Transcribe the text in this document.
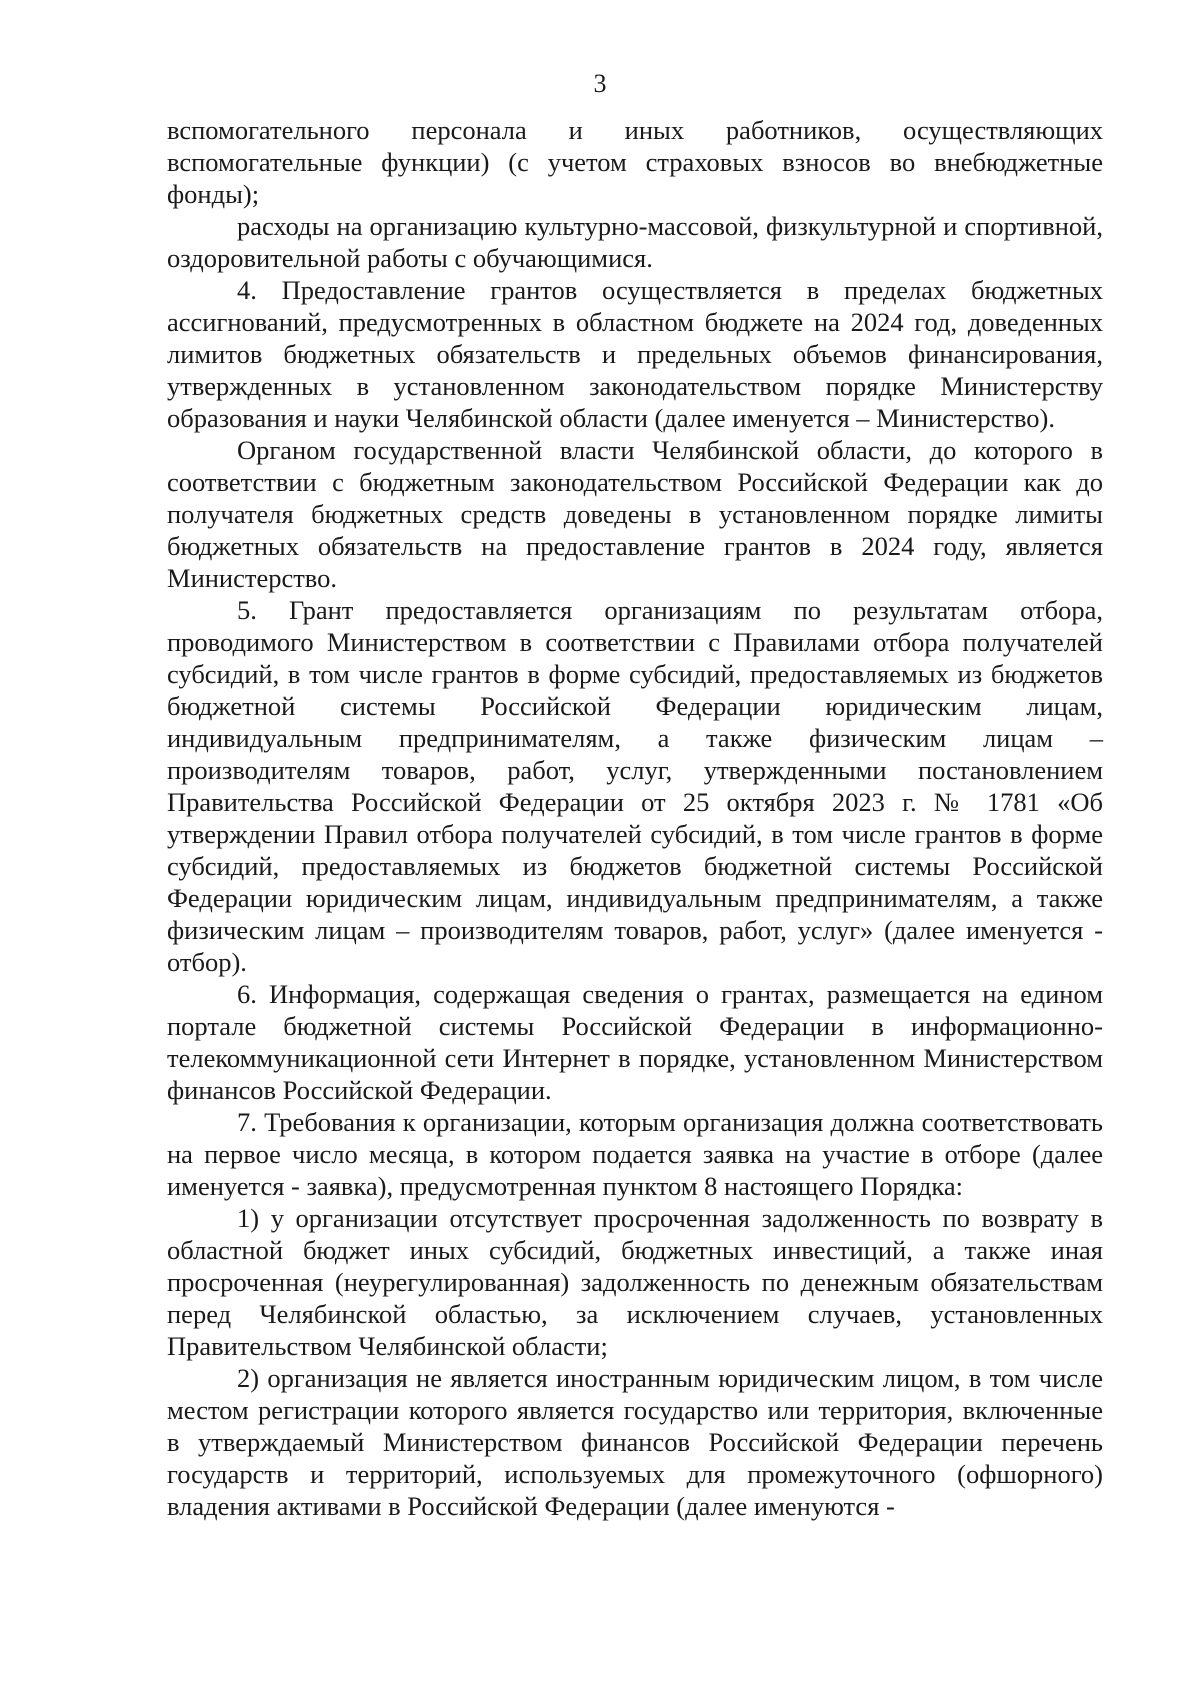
3

вспомогательного персонала и иных работников, осуществляющих вспомогательные функции) (с учетом страховых взносов во внебюджетные фонды);

расходы на организацию культурно-массовой, физкультурной и спортивной, оздоровительной работы с обучающимися.

4. Предоставление грантов осуществляется в пределах бюджетных ассигнований, предусмотренных в областном бюджете на 2024 год, доведенных лимитов бюджетных обязательств и предельных объемов финансирования, утвержденных в установленном законодательством порядке Министерству образования и науки Челябинской области (далее именуется – Министерство).

Органом государственной власти Челябинской области, до которого в соответствии с бюджетным законодательством Российской Федерации как до получателя бюджетных средств доведены в установленном порядке лимиты бюджетных обязательств на предоставление грантов в 2024 году, является Министерство.

5. Грант предоставляется организациям по результатам отбора, проводимого Министерством в соответствии с Правилами отбора получателей субсидий, в том числе грантов в форме субсидий, предоставляемых из бюджетов бюджетной системы Российской Федерации юридическим лицам, индивидуальным предпринимателям, а также физическим лицам – производителям товаров, работ, услуг, утвержденными постановлением Правительства Российской Федерации от 25 октября 2023 г. № 1781 «Об утверждении Правил отбора получателей субсидий, в том числе грантов в форме субсидий, предоставляемых из бюджетов бюджетной системы Российской Федерации юридическим лицам, индивидуальным предпринимателям, а также физическим лицам – производителям товаров, работ, услуг» (далее именуется - отбор).

6. Информация, содержащая сведения о грантах, размещается на едином портале бюджетной системы Российской Федерации в информационно-телекоммуникационной сети Интернет в порядке, установленном Министерством финансов Российской Федерации.

7. Требования к организации, которым организация должна соответствовать на первое число месяца, в котором подается заявка на участие в отборе (далее именуется - заявка), предусмотренная пунктом 8 настоящего Порядка:

1) у организации отсутствует просроченная задолженность по возврату в областной бюджет иных субсидий, бюджетных инвестиций, а также иная просроченная (неурегулированная) задолженность по денежным обязательствам перед Челябинской областью, за исключением случаев, установленных Правительством Челябинской области;

2) организация не является иностранным юридическим лицом, в том числе местом регистрации которого является государство или территория, включенные в утверждаемый Министерством финансов Российской Федерации перечень государств и территорий, используемых для промежуточного (офшорного) владения активами в Российской Федерации (далее именуются -
